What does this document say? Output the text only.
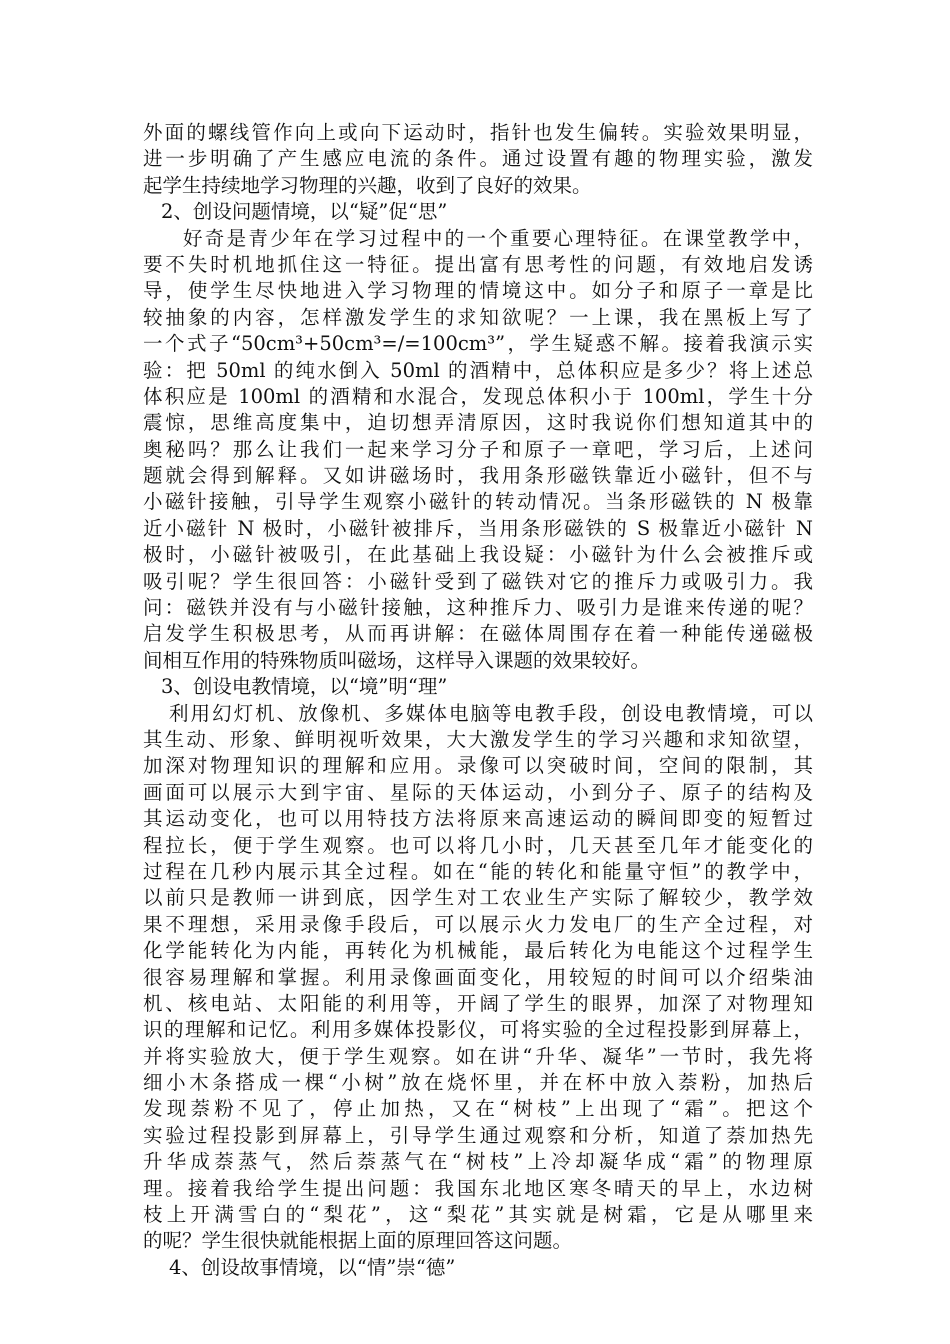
外面的螺线管作向上或向下运动时，指针也发生偏转。实验效果明显，
进一步明确了产生感应电流的条件。通过设置有趣的物理实验，激发
起学生持续地学习物理的兴趣，收到了良好的效果。
2、创设问题情境，以“疑”促“思”
好奇是青少年在学习过程中的一个重要心理特征。在课堂教学中，
要不失时机地抓住这一特征。提出富有思考性的问题，有效地启发诱
导，使学生尽快地进入学习物理的情境这中。如分子和原子一章是比
较抽象的内容，怎样激发学生的求知欲呢？一上课，我在黑板上写了
一个式子“50cm³+50cm³=/=100cm³”，学生疑惑不解。接着我演示实
验：把 50ml 的纯水倒入 50ml 的酒精中，总体积应是多少？将上述总
体积应是 100ml 的酒精和水混合，发现总体积小于 100ml，学生十分
震惊，思维高度集中，迫切想弄清原因，这时我说你们想知道其中的
奥秘吗？那么让我们一起来学习分子和原子一章吧，学习后，上述问
题就会得到解释。又如讲磁场时，我用条形磁铁靠近小磁针，但不与
小磁针接触，引导学生观察小磁针的转动情况。当条形磁铁的 N 极靠
近小磁针 N 极时，小磁针被排斥，当用条形磁铁的 S 极靠近小磁针 N
极时，小磁针被吸引，在此基础上我设疑：小磁针为什么会被推斥或
吸引呢？学生很回答：小磁针受到了磁铁对它的推斥力或吸引力。我
问：磁铁并没有与小磁针接触，这种推斥力、吸引力是谁来传递的呢？
启发学生积极思考，从而再讲解：在磁体周围存在着一种能传递磁极
间相互作用的特殊物质叫磁场，这样导入课题的效果较好。
3、创设电教情境，以“境”明“理”
利用幻灯机、放像机、多媒体电脑等电教手段，创设电教情境，可以
其生动、形象、鲜明视听效果，大大激发学生的学习兴趣和求知欲望，
加深对物理知识的理解和应用。录像可以突破时间，空间的限制，其
画面可以展示大到宇宙、星际的天体运动，小到分子、原子的结构及
其运动变化，也可以用特技方法将原来高速运动的瞬间即变的短暂过
程拉长，便于学生观察。也可以将几小时，几天甚至几年才能变化的
过程在几秒内展示其全过程。如在“能的转化和能量守恒”的教学中，
以前只是教师一讲到底，因学生对工农业生产实际了解较少，教学效
果不理想，采用录像手段后，可以展示火力发电厂的生产全过程，对
化学能转化为内能，再转化为机械能，最后转化为电能这个过程学生
很容易理解和掌握。利用录像画面变化，用较短的时间可以介绍柴油
机、核电站、太阳能的利用等，开阔了学生的眼界，加深了对物理知
识的理解和记忆。利用多媒体投影仪，可将实验的全过程投影到屏幕上，
并将实验放大，便于学生观察。如在讲“升华、凝华”一节时，我先将
细小木条搭成一棵“小树”放在烧怀里，并在杯中放入萘粉，加热后
发现萘粉不见了，停止加热，又在“树枝”上出现了“霜”。把这个
实验过程投影到屏幕上，引导学生通过观察和分析，知道了萘加热先
升华成萘蒸气，然后萘蒸气在“树枝”上冷却凝华成“霜”的物理原
理。接着我给学生提出问题：我国东北地区寒冬晴天的早上，水边树
枝上开满雪白的“梨花”，这“梨花”其实就是树霜，它是从哪里来
的呢？学生很快就能根据上面的原理回答这问题。
4、创设故事情境，以“情”崇“德”
